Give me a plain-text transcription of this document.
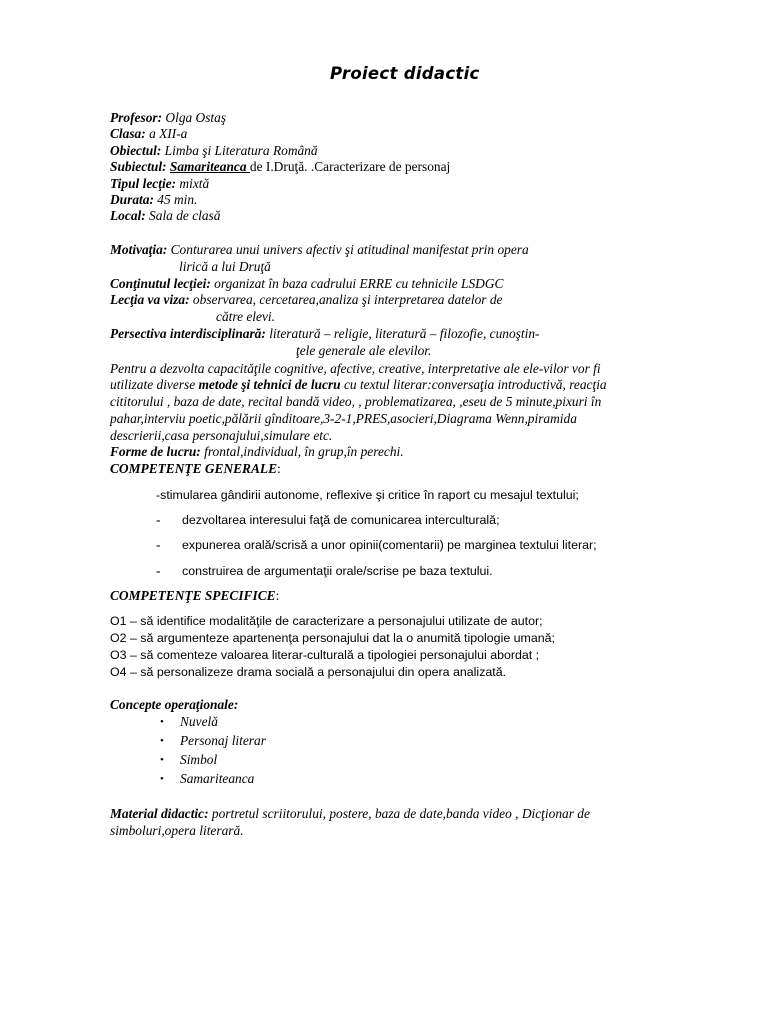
Proiect didactic
Profesor: Olga Ostaş
Clasa: a XII-a
Obiectul: Limba şi Literatura Română
Subiectul: Samariteanca de I.Druţă. .Caracterizare de personaj
Tipul lecţie: mixtă
Durata: 45 min.
Local: Sala de clasă
Motivaţia: Conturarea unui univers afectiv şi atitudinal manifestat prin opera
lirică a lui Druţă
Conţinutul lecţiei: organizat în baza cadrului ERRE cu tehnicile LSDGC
Lecţia va viza: observarea, cercetarea,analiza şi interpretarea datelor de
către elevi.
Persectiva interdisciplinară: literatură – religie, literatură – filozofie, cunoştin-
ţele generale ale elevilor.
Pentru a dezvolta capacităţile cognitive, afective, creative, interpretative ale ele-vilor vor fi
utilizate diverse metode şi tehnici de lucru cu textul literar:conversaţia introductivă, reacţia
cititorului , baza de date, recital bandă video, , problematizarea, ,eseu de 5 minute,pixuri în
pahar,interviu poetic,pălării gînditoare,3-2-1,PRES,asocieri,Diagrama Wenn,piramida
descrierii,casa personajului,simulare etc.
Forme de lucru: frontal,individual, în grup,în perechi.
COMPETENŢE GENERALE:
-stimularea gândirii autonome, reflexive şi critice în raport cu mesajul textului;
- dezvoltarea interesului faţă de comunicarea interculturală;
- expunerea orală/scrisă a unor opinii(comentarii) pe marginea textului literar;
- construirea de argumentaţii orale/scrise pe baza textului.
COMPETENŢE SPECIFICE:
O1 – să identifice modalităţile de caracterizare a personajului utilizate de autor;
O2 – să argumenteze apartenenţa personajului dat la o anumită tipologie umană;
O3 – să comenteze valoarea literar-culturală a tipologiei personajului abordat ;
O4 – să personalizeze drama socială a personajului din opera analizată.
Concepte operaţionale:
• Nuvelă
• Personaj literar
• Simbol
• Samariteanca
Material didactic: portretul scriitorului, postere, baza de date,banda video , Dicţionar de
simboluri,opera literară.
